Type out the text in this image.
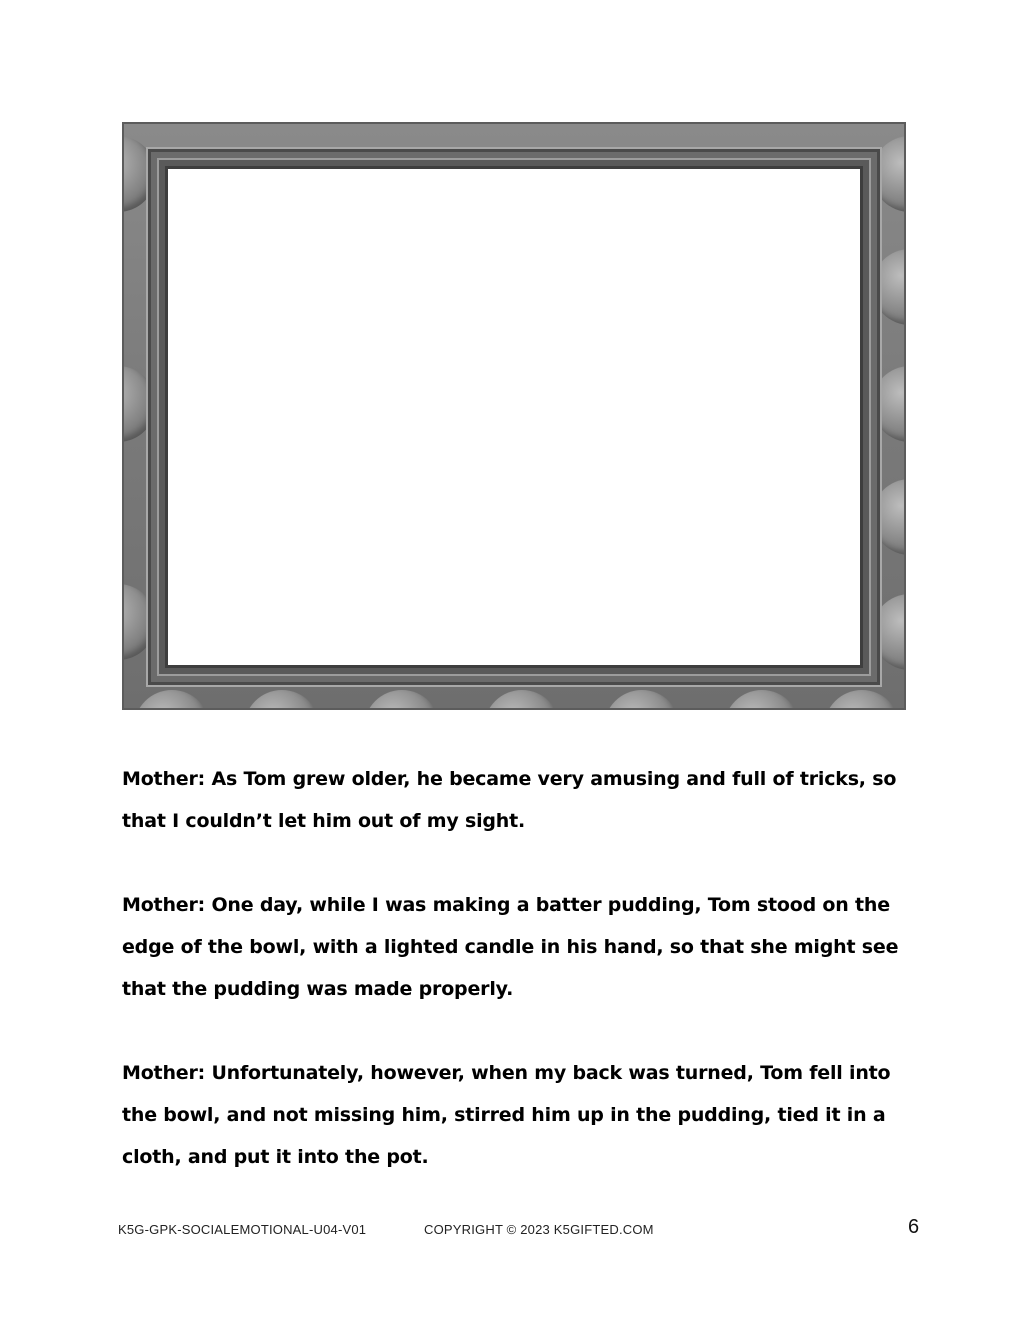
Mother: As Tom grew older, he became very amusing and full of tricks, so that I couldn’t let him out of my sight.

Mother: One day, while I was making a batter pudding, Tom stood on the edge of the bowl, with a lighted candle in his hand, so that she might see that the pudding was made properly.

Mother: Unfortunately, however, when my back was turned, Tom fell into the bowl, and not missing him, stirred him up in the pudding, tied it in a cloth, and put it into the pot.

K5G-GPK-SOCIALEMOTIONAL-U04-V01	COPYRIGHT © 2023 K5GIFTED.COM	6
